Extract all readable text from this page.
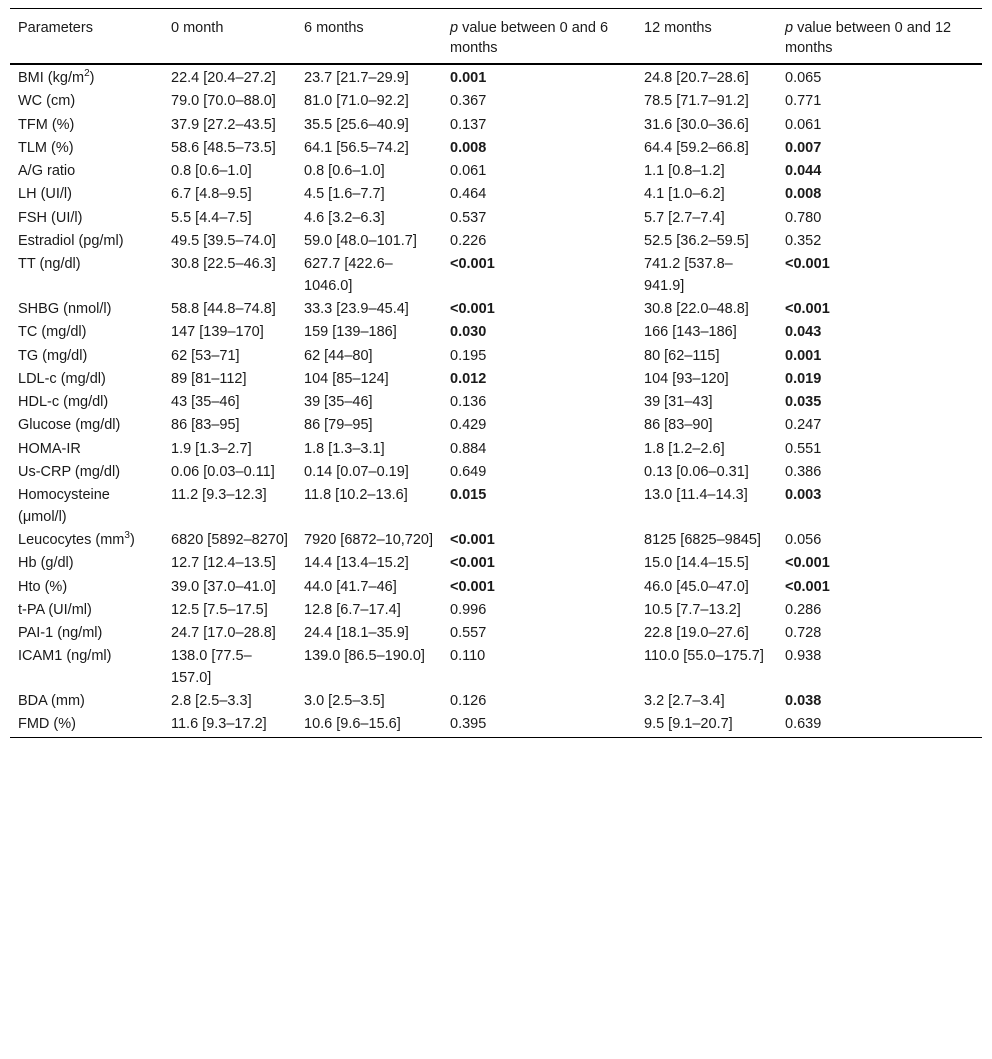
Parameters	0 month	6 months	p value between 0 and 6 months	12 months	p value between 0 and 12 months
BMI $(kg/m^2)$	22.4 [20.4–27.2]	23.7 [21.7–29.9]	0.001	24.8 [20.7–28.6]	0.065
WC (cm)	79.0 [70.0–88.0]	81.0 [71.0–92.2]	0.367	78.5 [71.7–91.2]	0.771
TFM (%)	37.9 [27.2–43.5]	35.5 [25.6–40.9]	0.137	31.6 [30.0–36.6]	0.061
TLM (%)	58.6 [48.5–73.5]	64.1 [56.5–74.2]	0.008	64.4 [59.2–66.8]	0.007
A/G ratio	0.8 [0.6–1.0]	0.8 [0.6–1.0]	0.061	1.1 [0.8–1.2]	0.044
LH (UI/l)	6.7 [4.8–9.5]	4.5 [1.6–7.7]	0.464	4.1 [1.0–6.2]	0.008
FSH (UI/l)	5.5 [4.4–7.5]	4.6 [3.2–6.3]	0.537	5.7 [2.7–7.4]	0.780
Estradiol (pg/ml)	49.5 [39.5–74.0]	59.0 [48.0–101.7]	0.226	52.5 [36.2–59.5]	0.352
TT (ng/dl)	30.8 [22.5–46.3]	627.7 [422.6–1046.0]	<0.001	741.2 [537.8–941.9]	<0.001
SHBG (nmol/l)	58.8 [44.8–74.8]	33.3 [23.9–45.4]	<0.001	30.8 [22.0–48.8]	<0.001
TC (mg/dl)	147 [139–170]	159 [139–186]	0.030	166 [143–186]	0.043
TG (mg/dl)	62 [53–71]	62 [44–80]	0.195	80 [62–115]	0.001
LDL-c (mg/dl)	89 [81–112]	104 [85–124]	0.012	104 [93–120]	0.019
HDL-c (mg/dl)	43 [35–46]	39 [35–46]	0.136	39 [31–43]	0.035
Glucose (mg/dl)	86 [83–95]	86 [79–95]	0.429	86 [83–90]	0.247
HOMA-IR	1.9 [1.3–2.7]	1.8 [1.3–3.1]	0.884	1.8 [1.2–2.6]	0.551
Us-CRP (mg/dl)	0.06 [0.03–0.11]	0.14 [0.07–0.19]	0.649	0.13 [0.06–0.31]	0.386
Homocysteine (μmol/l)	11.2 [9.3–12.3]	11.8 [10.2–13.6]	0.015	13.0 [11.4–14.3]	0.003
Leucocytes $(mm^3)$	6820 [5892–8270]	7920 [6872–10,720]	<0.001	8125 [6825–9845]	0.056
Hb (g/dl)	12.7 [12.4–13.5]	14.4 [13.4–15.2]	<0.001	15.0 [14.4–15.5]	<0.001
Hto (%)	39.0 [37.0–41.0]	44.0 [41.7–46]	<0.001	46.0 [45.0–47.0]	<0.001
t-PA (UI/ml)	12.5 [7.5–17.5]	12.8 [6.7–17.4]	0.996	10.5 [7.7–13.2]	0.286
PAI-1 (ng/ml)	24.7 [17.0–28.8]	24.4 [18.1–35.9]	0.557	22.8 [19.0–27.6]	0.728
ICAM1 (ng/ml)	138.0 [77.5–157.0]	139.0 [86.5–190.0]	0.110	110.0 [55.0–175.7]	0.938
BDA (mm)	2.8 [2.5–3.3]	3.0 [2.5–3.5]	0.126	3.2 [2.7–3.4]	0.038
FMD (%)	11.6 [9.3–17.2]	10.6 [9.6–15.6]	0.395	9.5 [9.1–20.7]	0.639
